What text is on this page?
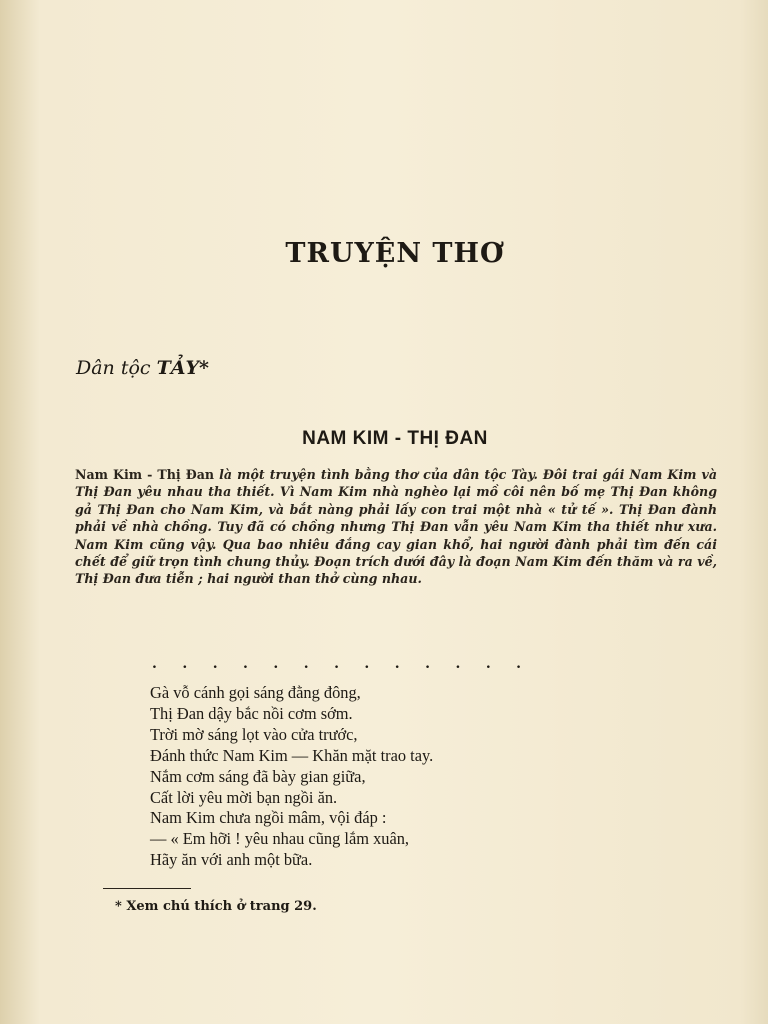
TRUYỆN THƠ
Dân tộc TẢY*
NAM KIM - THỊ ĐAN

Nam Kim - Thị Đan là một truyện tình bằng thơ của dân tộc Tày. Đôi trai gái Nam Kim và Thị Đan yêu nhau tha thiết. Vì Nam Kim nhà nghèo lại mồ côi nên bố mẹ Thị Đan không gả Thị Đan cho Nam Kim, và bắt nàng phải lấy con trai một nhà « tử tế ». Thị Đan đành phải về nhà chồng. Tuy đã có chồng nhưng Thị Đan vẫn yêu Nam Kim tha thiết như xưa. Nam Kim cũng vậy. Qua bao nhiêu đắng cay gian khổ, hai người đành phải tìm đến cái chết để giữ trọn tình chung thủy. Đoạn trích dưới đây là đoạn Nam Kim đến thăm và ra về, Thị Đan đưa tiễn ; hai người than thở cùng nhau.

. . . . . . . . . . . . .
Gà vỗ cánh gọi sáng đằng đông,
Thị Đan dậy bắc nồi cơm sớm.
Trời mờ sáng lọt vào cửa trước,
Đánh thức Nam Kim — Khăn mặt trao tay.
Nắm cơm sáng đã bày gian giữa,
Cất lời yêu mời bạn ngồi ăn.
Nam Kim chưa ngồi mâm, vội đáp :
— « Em hỡi ! yêu nhau cũng lắm xuân,
Hãy ăn với anh một bữa.
* Xem chú thích ở trang 29.
